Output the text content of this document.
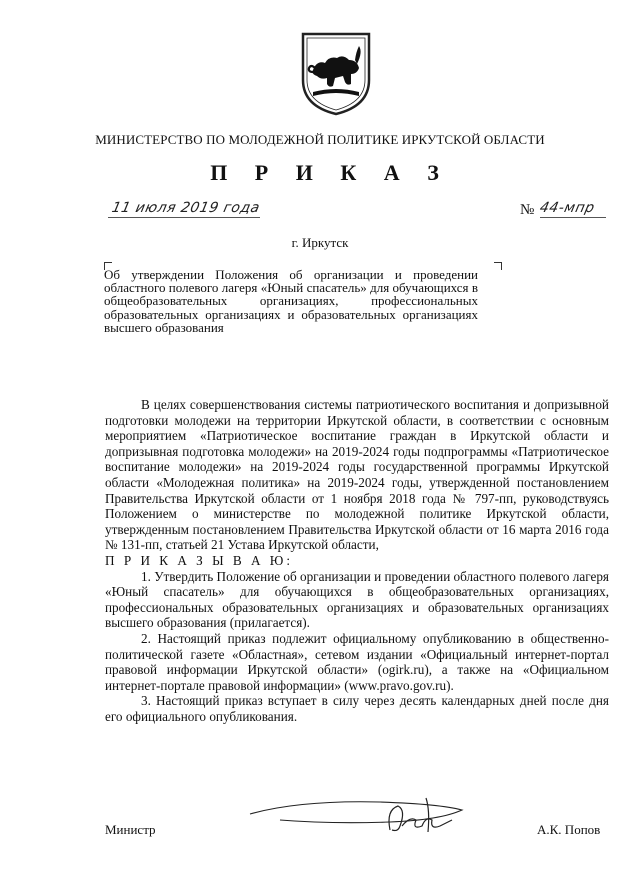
МИНИСТЕРСТВО ПО МОЛОДЕЖНОЙ ПОЛИТИКЕ ИРКУТСКОЙ ОБЛАСТИ
П Р И К А З
11 июля 2019 года	№ 44-мпр
г. Иркутск
Об утверждении Положения об организации и проведении областного полевого лагеря «Юный спасатель» для обучающихся в общеобразовательных организациях, профессиональных образовательных организациях и образовательных организациях высшего образования

В целях совершенствования системы патриотического воспитания и допризывной подготовки молодежи на территории Иркутской области, в соответствии с основным мероприятием «Патриотическое воспитание граждан в Иркутской области и допризывная подготовка молодежи» на 2019-2024 годы подпрограммы «Патриотическое воспитание молодежи» на 2019-2024 годы государственной программы Иркутской области «Молодежная политика» на 2019-2024 годы, утвержденной постановлением Правительства Иркутской области от 1 ноября 2018 года № 797-пп, руководствуясь Положением о министерстве по молодежной политике Иркутской области, утвержденным постановлением Правительства Иркутской области от 16 марта 2016 года № 131-пп, статьей 21 Устава Иркутской области,

П Р И К А З Ы В А Ю:

1. Утвердить Положение об организации и проведении областного полевого лагеря «Юный спасатель» для обучающихся в общеобразовательных организациях, профессиональных образовательных организациях и образовательных организациях высшего образования (прилагается).

2. Настоящий приказ подлежит официальному опубликованию в общественно-политической газете «Областная», сетевом издании «Официальный интернет-портал правовой информации Иркутской области» (ogirk.ru), а также на «Официальном интернет-портале правовой информации» (www.pravo.gov.ru).

3. Настоящий приказ вступает в силу через десять календарных дней после дня его официального опубликования.

Министр	А.К. Попов
